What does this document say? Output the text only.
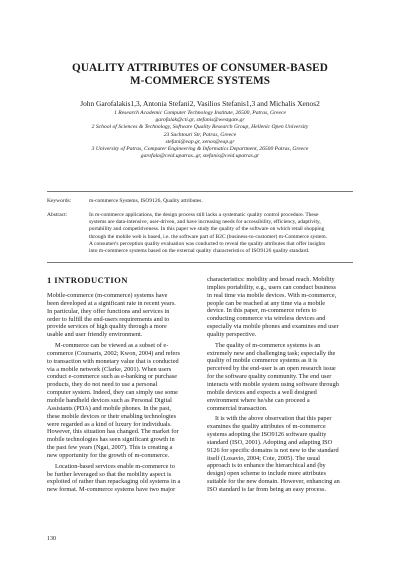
QUALITY ATTRIBUTES OF CONSUMER-BASED
M-COMMERCE SYSTEMS
John Garofalakis1,3, Antonia Stefani2, Vasilios Stefanis1,3 and Michalis Xenos2
1 Research Academic Computer Technology Institute, 26500, Patras, Greece
garofalak@cti.gr, stefanis@westgate.gr
2 School of Sciences & Technology, Software Quality Research Group, Hellenic Open University
23 Sachtouri Str, Patras, Greece
stefani@eap.gr, xenos@eap.gr
3 University of Patras, Computer Engineering & Informatics Department, 26500 Patras, Greece
garofala@ceid.upatras..gr, stefanis@ceid.upatras.gr
Keywords:	m-commerce Systems, ISO9126, Quality attributes.
Abstract:	In m-commerce applications, the design process still lacks a systematic quality control procedure. These
systems are data-intensive, user-driven, and have increasing needs for accessibility, efficiency, adaptivity,
portability and competitiveness. In this paper we study the quality of the software on which retail shopping
through the mobile web is based, i.e. the software part of B2C (business-to-customer) m-Commerce system.
A consumer's perception quality evaluation was conducted to reveal the quality attributes that offer insights
into m-commerce systems based on the external quality characteristics of ISO9126 quality standard.
1 INTRODUCTION

Mobile-commerce (m-commerce) systems have
been developed at a significant rate in recent years.
In particular, they offer functions and services in
order to fulfill the end-users requirements and to
provide services of high quality through a more
usable and user friendly environment.

M-commerce can be viewed as a subset of e-
commerce (Coursaris, 2002; Kwon, 2004) and refers
to transaction with monetary value that is conducted
via a mobile network (Clarke, 2001). When users
conduct e-commerce such as e-banking or purchase
products, they do not need to use a personal
computer system. Indeed, they can simply use some
mobile handheld devices such as Personal Digital
Assistants (PDA) and mobile phones. In the past,
these mobile devices or their enabling technologies
were regarded as a kind of luxury for individuals.
However, this situation has changed. The market for
mobile technologies has seen significant growth in
the past few years (Ngai, 2007). This is creating a
new opportunity for the growth of m-commerce.

Location-based services enable m-commerce to
be further leveraged so that the mobility aspect is
exploited of rather than repackaging old systems in a
new format. M-commerce systems have two major

characteristics: mobility and broad reach. Mobility
implies portability, e.g., users can conduct business
in real time via mobile devices. With m-commerce,
people can be reached at any time via a mobile
device. In this paper, m-commerce refers to
conducting commerce via wireless devices and
especially via mobile phones and examines end user
quality perspective.

The quality of m-commerce systems is an
extremely new and challenging task; especially the
quality of mobile commerce systems as it is
perceived by the end-user is an open research issue
for the software quality community. The end user
interacts with mobile system using software through
mobile devices and expects a well designed
environment where he/she can proceed a
commercial transaction.

It is with the above observation that this paper
examines the quality attributes of m-commerce
systems adopting the ISO9126 software quality
standard (ISO, 2001). Adopting and adapting ISO
9126 for specific domains is not new to the standard
itself (Losavio, 2004; Cote, 2005). The usual
approach is to enhance the hierarchical and (by
design) open scheme to include more attributes
suitable for the new domain. However, enhancing an
ISO standard is far from being an easy process.

130
